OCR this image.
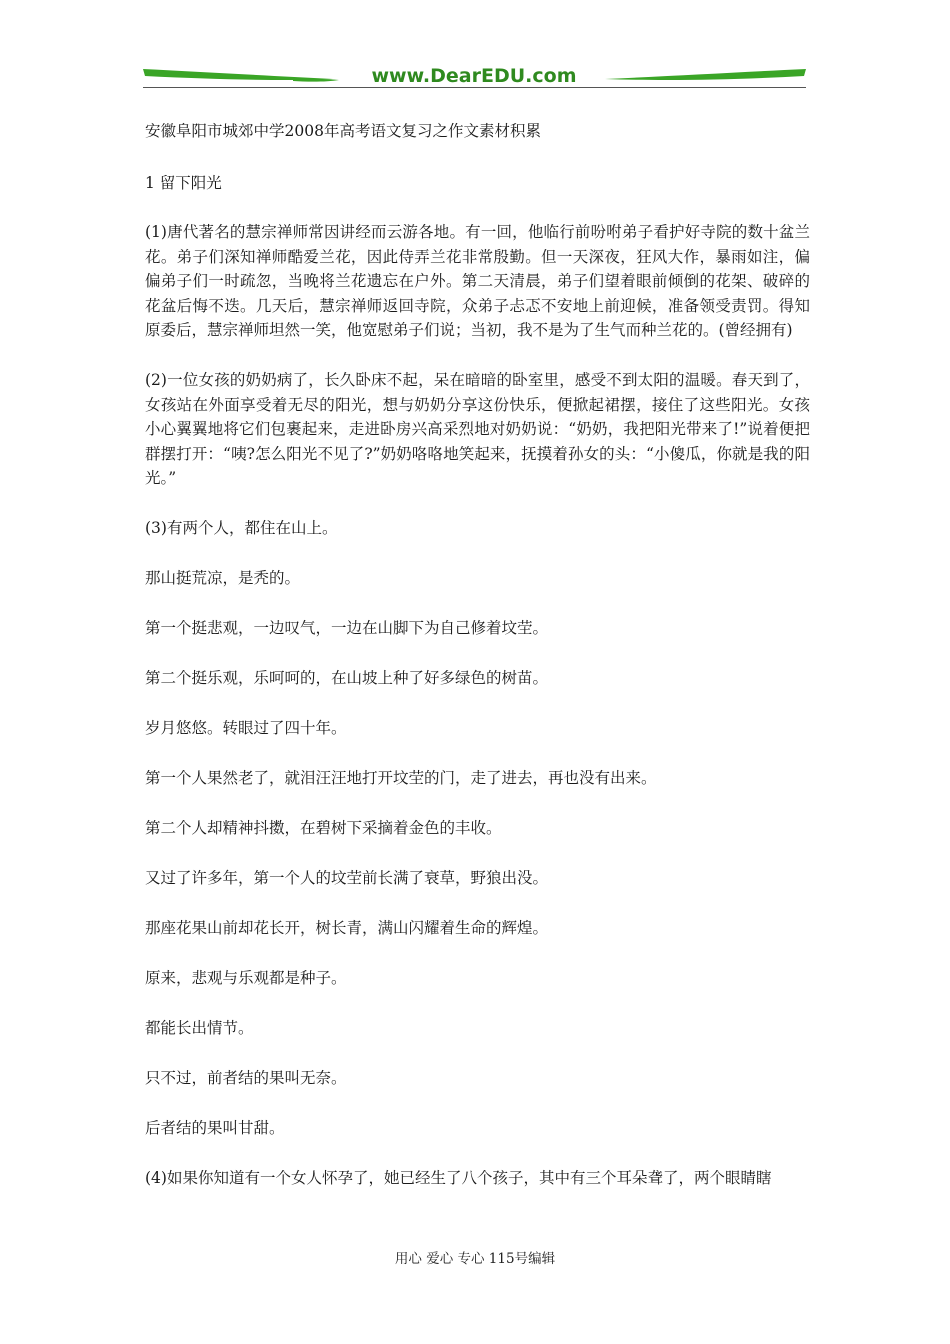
www.DearEDU.com

安徽阜阳市城郊中学2008年高考语文复习之作文素材积累

1 留下阳光

(1)唐代著名的慧宗禅师常因讲经而云游各地。有一回，他临行前吩咐弟子看护好寺院的数十盆兰花。弟子们深知禅师酷爱兰花，因此侍弄兰花非常殷勤。但一天深夜，狂风大作，暴雨如注，偏偏弟子们一时疏忽，当晚将兰花遗忘在户外。第二天清晨，弟子们望着眼前倾倒的花架、破碎的花盆后悔不迭。几天后，慧宗禅师返回寺院，众弟子忐忑不安地上前迎候，准备领受责罚。得知原委后，慧宗禅师坦然一笑，他宽慰弟子们说；当初，我不是为了生气而种兰花的。(曾经拥有)

(2)一位女孩的奶奶病了，长久卧床不起，呆在暗暗的卧室里，感受不到太阳的温暖。春天到了，女孩站在外面享受着无尽的阳光，想与奶奶分享这份快乐，便掀起裙摆，接住了这些阳光。女孩小心翼翼地将它们包裹起来，走进卧房兴高采烈地对奶奶说：“奶奶，我把阳光带来了!”说着便把群摆打开：“咦?怎么阳光不见了?”奶奶咯咯地笑起来，抚摸着孙女的头：“小傻瓜，你就是我的阳光。”

(3)有两个人，都住在山上。

那山挺荒凉，是秃的。

第一个挺悲观，一边叹气，一边在山脚下为自己修着坟茔。

第二个挺乐观，乐呵呵的，在山坡上种了好多绿色的树苗。

岁月悠悠。转眼过了四十年。

第一个人果然老了，就泪汪汪地打开坟茔的门，走了进去，再也没有出来。

第二个人却精神抖擞，在碧树下采摘着金色的丰收。

又过了许多年，第一个人的坟茔前长满了衰草，野狼出没。

那座花果山前却花长开，树长青，满山闪耀着生命的辉煌。

原来，悲观与乐观都是种子。

都能长出情节。

只不过，前者结的果叫无奈。

后者结的果叫甘甜。

(4)如果你知道有一个女人怀孕了，她已经生了八个孩子，其中有三个耳朵聋了，两个眼睛瞎

用心 爱心 专心 115号编辑
